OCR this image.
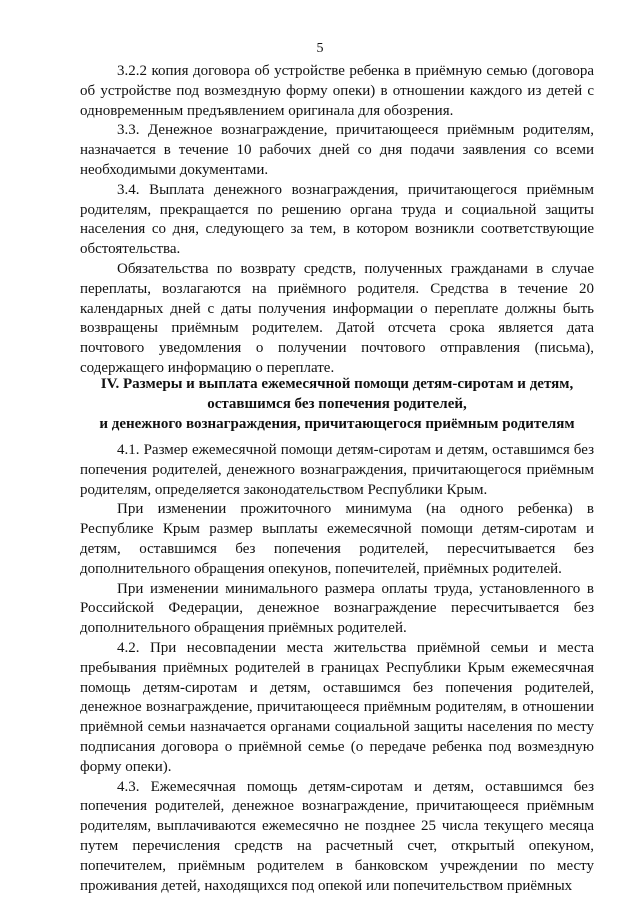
5

3.2.2 копия договора об устройстве ребенка в приёмную семью (договора об устройстве под возмездную форму опеки) в отношении каждого из детей с одновременным предъявлением оригинала для обозрения.

3.3. Денежное вознаграждение, причитающееся приёмным родителям, назначается в течение 10 рабочих дней со дня подачи заявления со всеми необходимыми документами.

3.4. Выплата денежного вознаграждения, причитающегося приёмным родителям, прекращается по решению органа труда и социальной защиты населения со дня, следующего за тем, в котором возникли соответствующие обстоятельства.

Обязательства по возврату средств, полученных гражданами в случае переплаты, возлагаются на приёмного родителя. Средства в течение 20 календарных дней с даты получения информации о переплате должны быть возвращены приёмным родителем. Датой отсчета срока является дата почтового уведомления о получении почтового отправления (письма), содержащего информацию о переплате.

IV. Размеры и выплата ежемесячной помощи детям-сиротам и детям,
оставшимся без попечения родителей,
и денежного вознаграждения, причитающегося приёмным родителям

4.1. Размер ежемесячной помощи детям-сиротам и детям, оставшимся без попечения родителей, денежного вознаграждения, причитающегося приёмным родителям, определяется законодательством Республики Крым.

При изменении прожиточного минимума (на одного ребенка) в Республике Крым размер выплаты ежемесячной помощи детям-сиротам и детям, оставшимся без попечения родителей, пересчитывается без дополнительного обращения опекунов, попечителей, приёмных родителей.

При изменении минимального размера оплаты труда, установленного в Российской Федерации, денежное вознаграждение пересчитывается без дополнительного обращения приёмных родителей.

4.2. При несовпадении места жительства приёмной семьи и места пребывания приёмных родителей в границах Республики Крым ежемесячная помощь детям-сиротам и детям, оставшимся без попечения родителей, денежное вознаграждение, причитающееся приёмным родителям, в отношении приёмной семьи назначается органами социальной защиты населения по месту подписания договора о приёмной семье (о передаче ребенка под возмездную форму опеки).

4.3. Ежемесячная помощь детям-сиротам и детям, оставшимся без попечения родителей, денежное вознаграждение, причитающееся приёмным родителям, выплачиваются ежемесячно не позднее 25 числа текущего месяца путем перечисления средств на расчетный счет, открытый опекуном, попечителем, приёмным родителем в банковском учреждении по месту проживания детей, находящихся под опекой или попечительством приёмных
